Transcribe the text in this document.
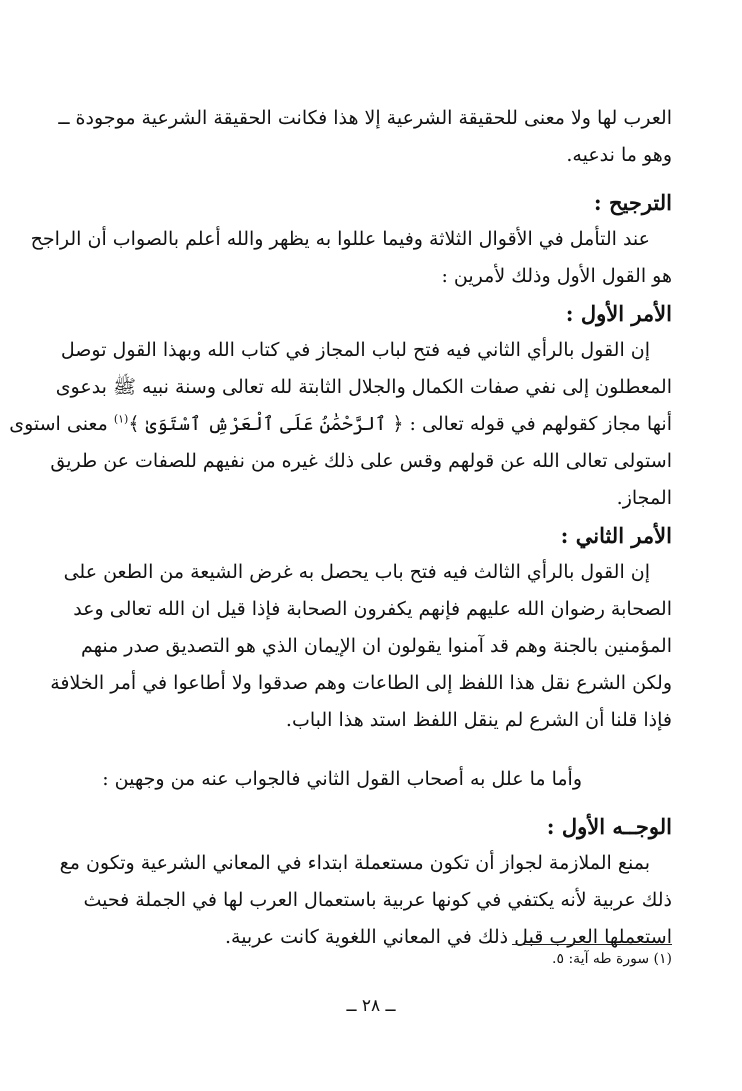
العرب لها ولا معنى للحقيقة الشرعية إلا هذا فكانت الحقيقة الشرعية موجودة ــ
وهو ما ندعيه.
الترجيح :
عند التأمل في الأقوال الثلاثة وفيما عللوا به يظهر والله أعلم بالصواب أن الراجح
هو القول الأول وذلك لأمرين :
الأمر الأول :
إن القول بالرأي الثاني فيه فتح لباب المجاز في كتاب الله وبهذا القول توصل
المعطلون إلى نفي صفات الكمال والجلال الثابتة لله تعالى وسنة نبيه ﷺ بدعوى
أنها مجاز كقولهم في قوله تعالى : ﴿ ٱلرَّحْمَٰنُ عَلَى ٱلْعَرْشِ ٱسْتَوَىٰ ﴾$^{(١)}$ معنى استوى
استولى تعالى الله عن قولهم وقس على ذلك غيره من نفيهم للصفات عن طريق
المجاز.
الأمر الثاني :
إن القول بالرأي الثالث فيه فتح باب يحصل به غرض الشيعة من الطعن على
الصحابة رضوان الله عليهم فإنهم يكفرون الصحابة فإذا قيل ان الله تعالى وعد
المؤمنين بالجنة وهم قد آمنوا يقولون ان الإيمان الذي هو التصديق صدر منهم
ولكن الشرع نقل هذا اللفظ إلى الطاعات وهم صدقوا ولا أطاعوا في أمر الخلافة
فإذا قلنا أن الشرع لم ينقل اللفظ استد هذا الباب.
وأما ما علل به أصحاب القول الثاني فالجواب عنه من وجهين :
الوجــه الأول :
بمنع الملازمة لجواز أن تكون مستعملة ابتداء في المعاني الشرعية وتكون مع
ذلك عربية لأنه يكتفي في كونها عربية باستعمال العرب لها في الجملة فحيث
استعملها العرب قبل ذلك في المعاني اللغوية كانت عربية.
(١) سورة طه آية: ٥.
ــ ٢٨ ــ
